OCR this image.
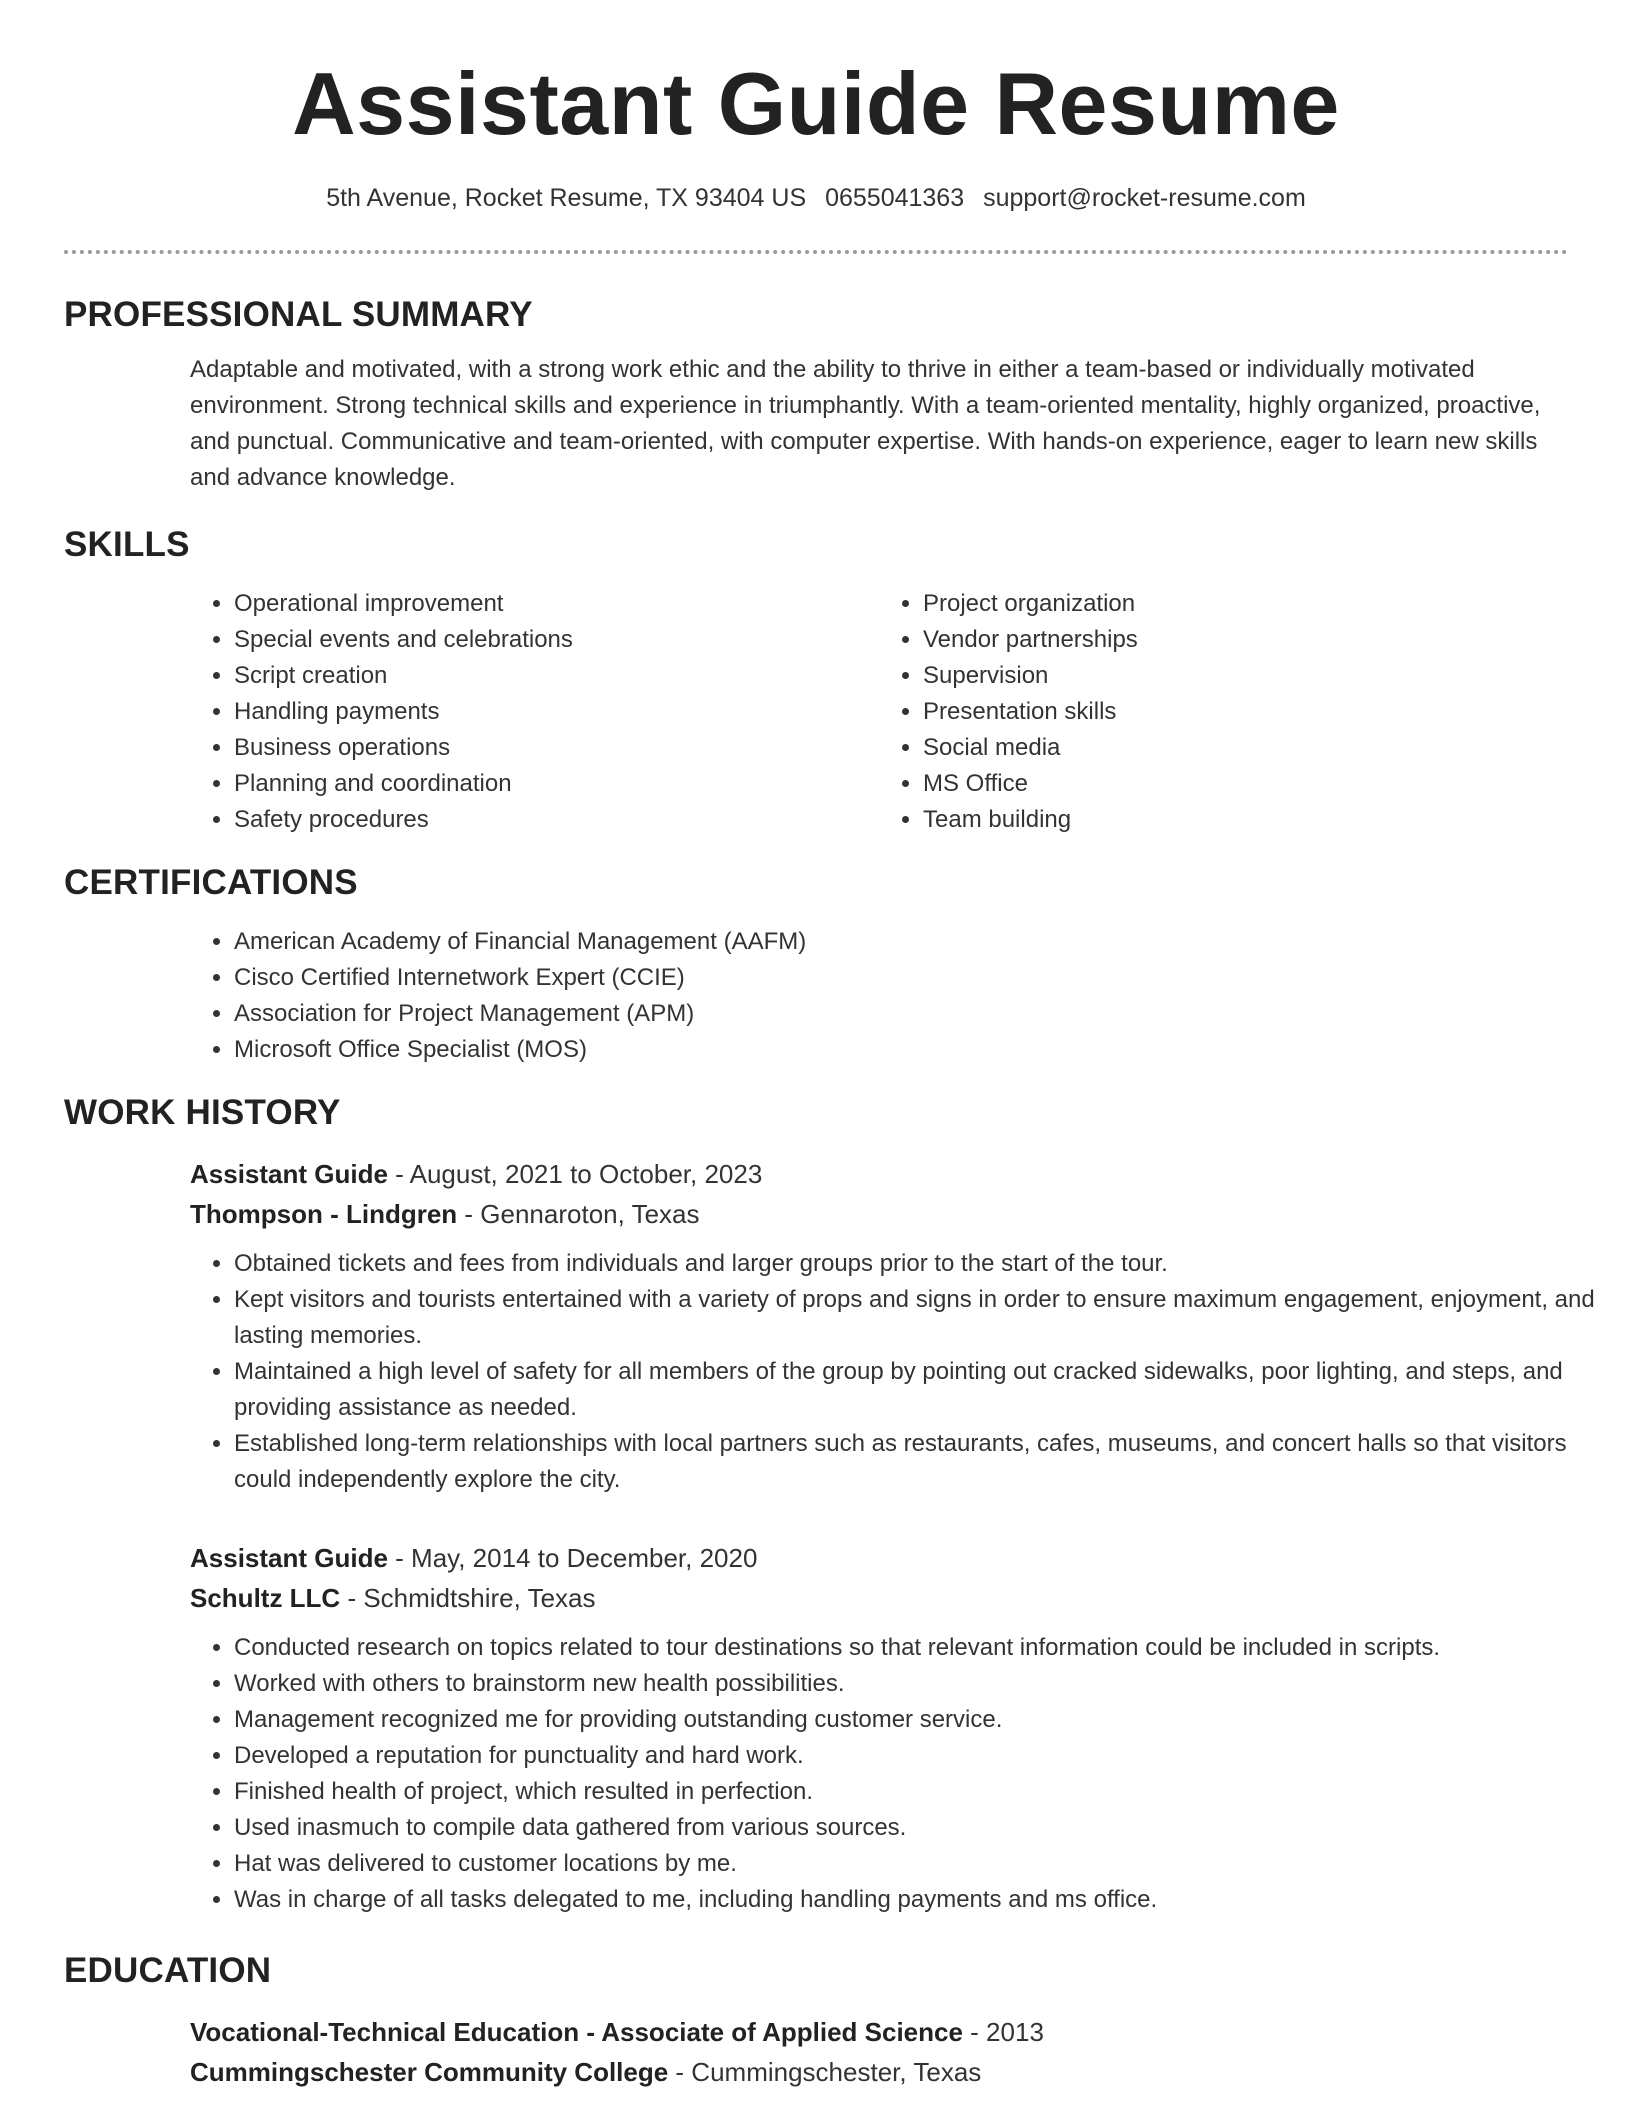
Assistant Guide Resume
5th Avenue, Rocket Resume, TX 93404 US 0655041363 support@rocket-resume.com
PROFESSIONAL SUMMARY
Adaptable and motivated, with a strong work ethic and the ability to thrive in either a team-based or individually motivated environment. Strong technical skills and experience in triumphantly. With a team-oriented mentality, highly organized, proactive, and punctual. Communicative and team-oriented, with computer expertise. With hands-on experience, eager to learn new skills and advance knowledge.
SKILLS
• Operational improvement
• Special events and celebrations
• Script creation
• Handling payments
• Business operations
• Planning and coordination
• Safety procedures
• Project organization
• Vendor partnerships
• Supervision
• Presentation skills
• Social media
• MS Office
• Team building
CERTIFICATIONS
• American Academy of Financial Management (AAFM)
• Cisco Certified Internetwork Expert (CCIE)
• Association for Project Management (APM)
• Microsoft Office Specialist (MOS)
WORK HISTORY
Assistant Guide - August, 2021 to October, 2023
Thompson - Lindgren - Gennaroton, Texas
• Obtained tickets and fees from individuals and larger groups prior to the start of the tour.
• Kept visitors and tourists entertained with a variety of props and signs in order to ensure maximum engagement, enjoyment, and lasting memories.
• Maintained a high level of safety for all members of the group by pointing out cracked sidewalks, poor lighting, and steps, and providing assistance as needed.
• Established long-term relationships with local partners such as restaurants, cafes, museums, and concert halls so that visitors could independently explore the city.
Assistant Guide - May, 2014 to December, 2020
Schultz LLC - Schmidtshire, Texas
• Conducted research on topics related to tour destinations so that relevant information could be included in scripts.
• Worked with others to brainstorm new health possibilities.
• Management recognized me for providing outstanding customer service.
• Developed a reputation for punctuality and hard work.
• Finished health of project, which resulted in perfection.
• Used inasmuch to compile data gathered from various sources.
• Hat was delivered to customer locations by me.
• Was in charge of all tasks delegated to me, including handling payments and ms office.
EDUCATION
Vocational-Technical Education - Associate of Applied Science - 2013
Cummingschester Community College - Cummingschester, Texas
